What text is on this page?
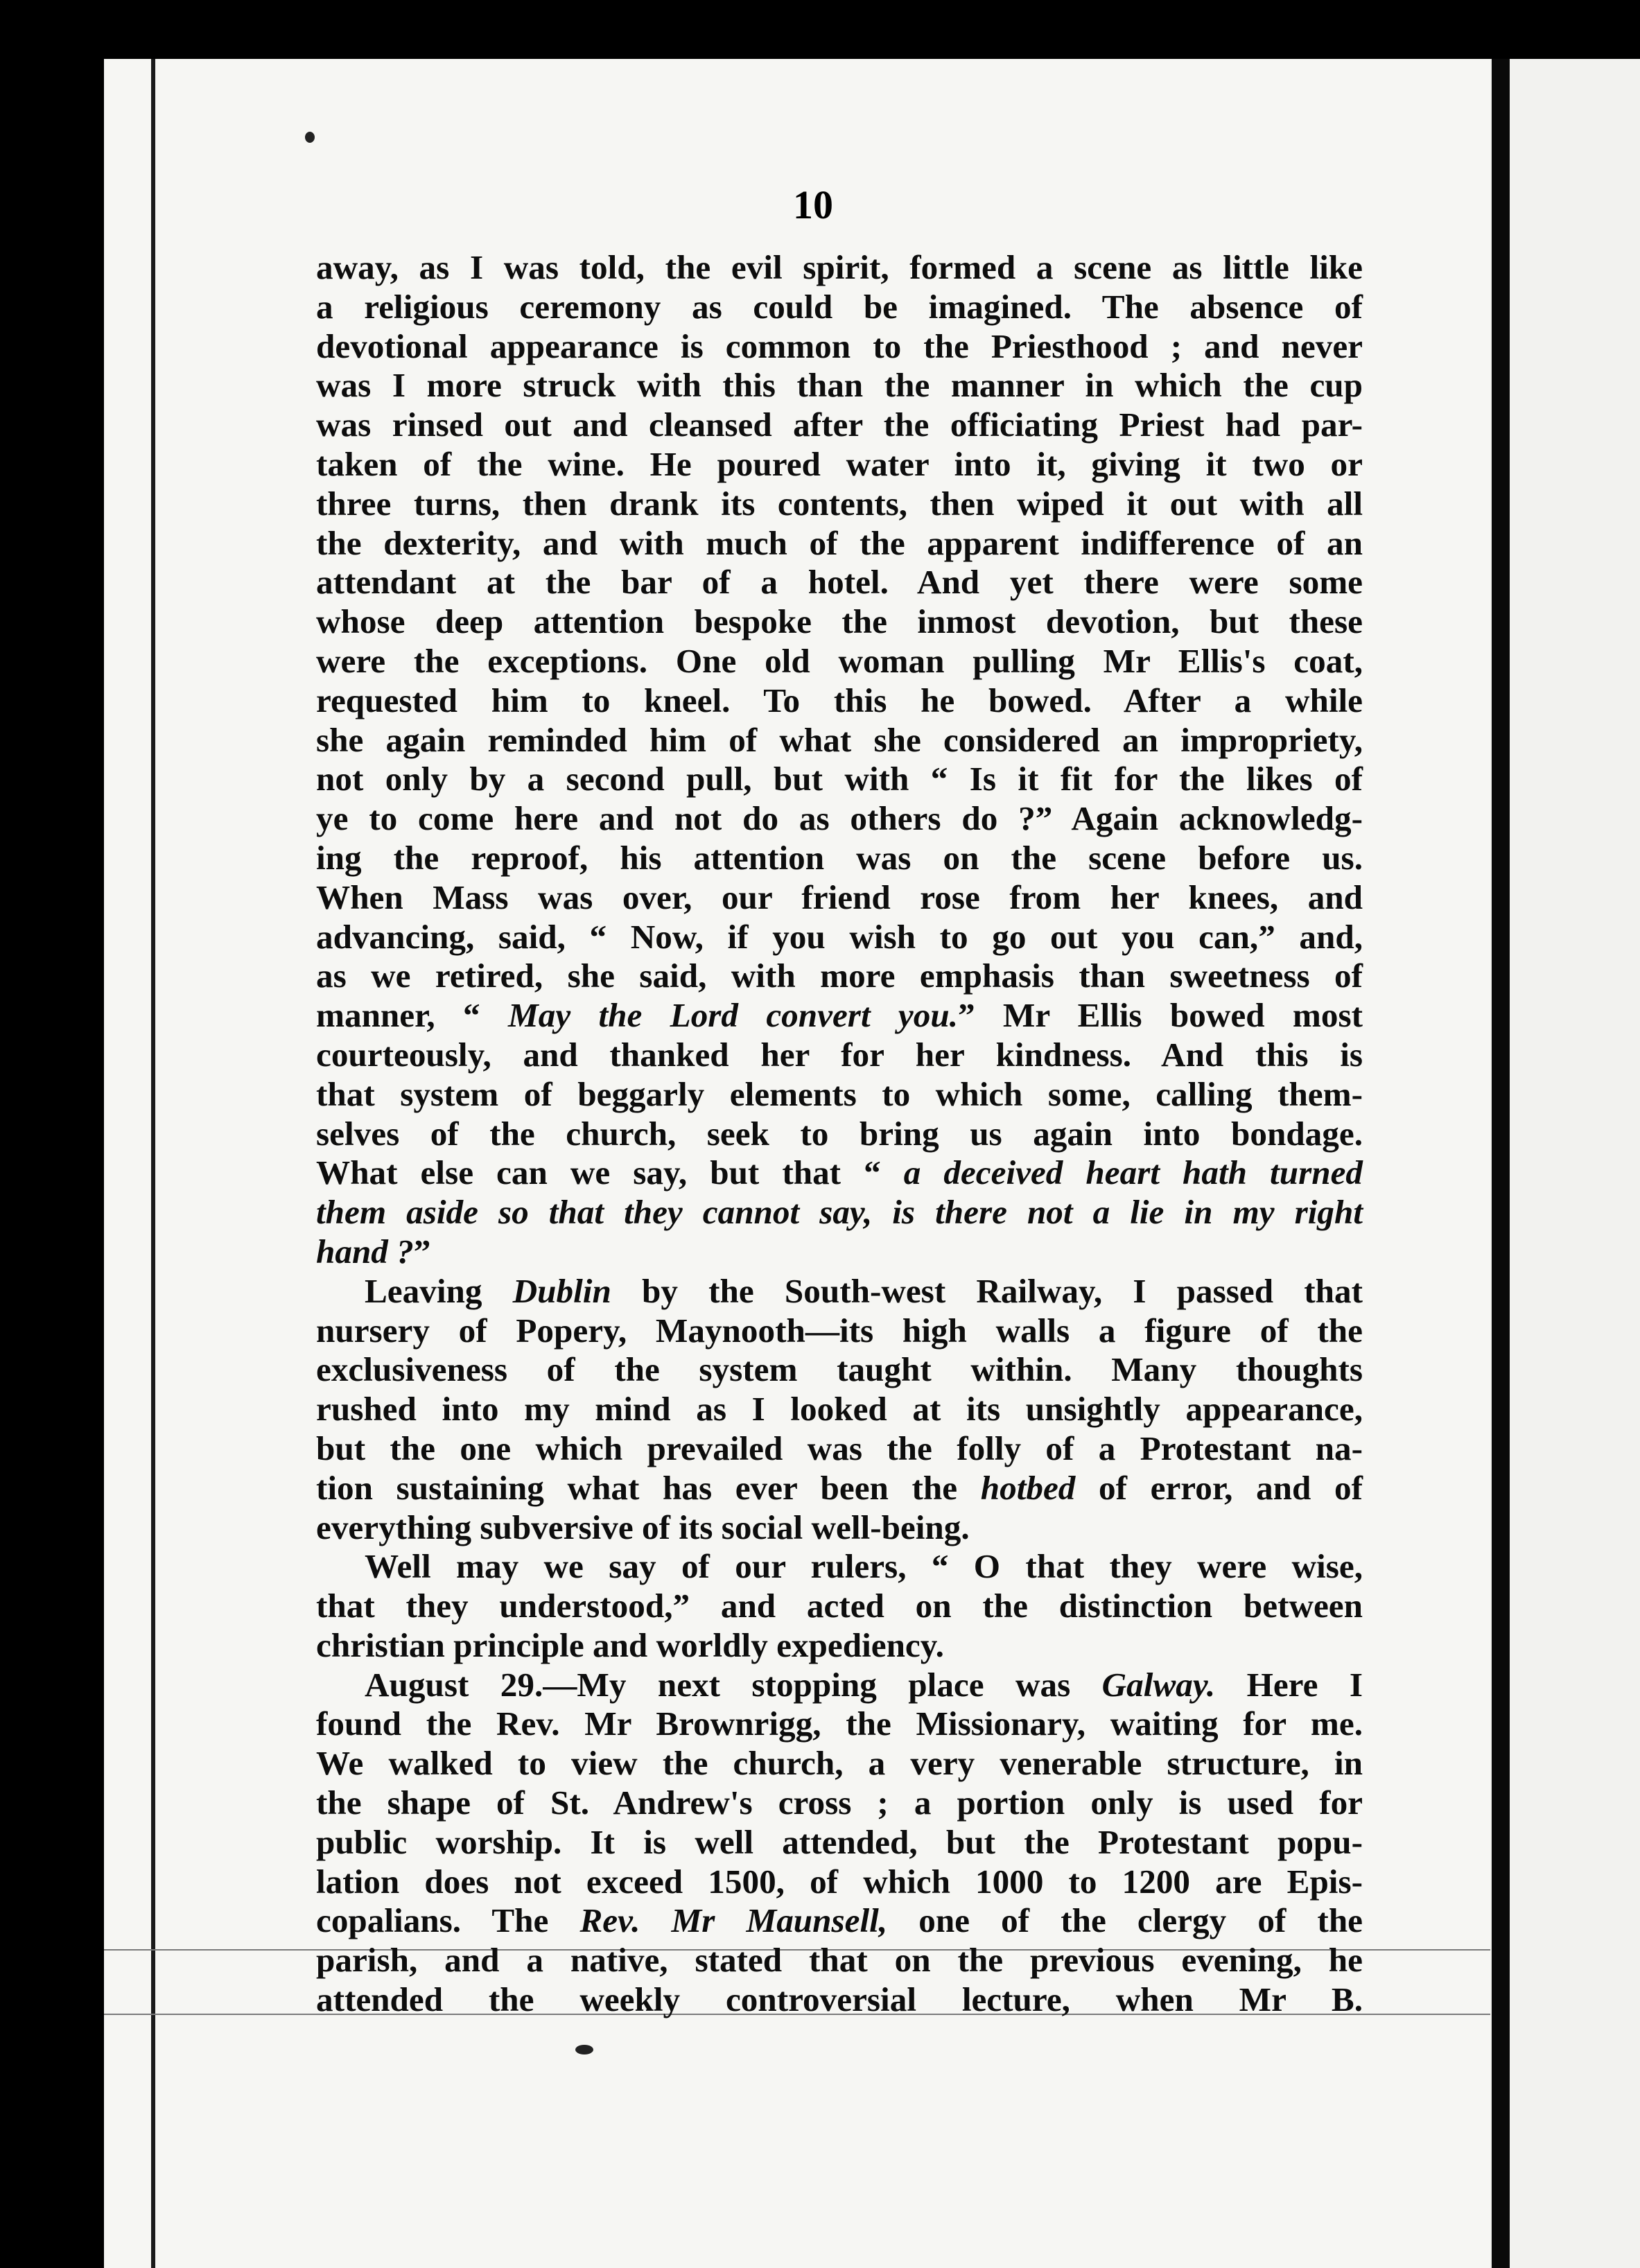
10
away, as I was told, the evil spirit, formed a scene as little like
a religious ceremony as could be imagined. The absence of
devotional appearance is common to the Priesthood ; and never
was I more struck with this than the manner in which the cup
was rinsed out and cleansed after the officiating Priest had par-
taken of the wine. He poured water into it, giving it two or
three turns, then drank its contents, then wiped it out with all
the dexterity, and with much of the apparent indifference of an
attendant at the bar of a hotel. And yet there were some
whose deep attention bespoke the inmost devotion, but these
were the exceptions. One old woman pulling Mr Ellis's coat,
requested him to kneel. To this he bowed. After a while
she again reminded him of what she considered an impropriety,
not only by a second pull, but with “ Is it fit for the likes of
ye to come here and not do as others do ?” Again acknowledg-
ing the reproof, his attention was on the scene before us.
When Mass was over, our friend rose from her knees, and
advancing, said, “ Now, if you wish to go out you can,” and,
as we retired, she said, with more emphasis than sweetness of
manner, “ May the Lord convert you.” Mr Ellis bowed most
courteously, and thanked her for her kindness. And this is
that system of beggarly elements to which some, calling them-
selves of the church, seek to bring us again into bondage.
What else can we say, but that “ a deceived heart hath turned
them aside so that they cannot say, is there not a lie in my right
hand ?”
Leaving Dublin by the South-west Railway, I passed that
nursery of Popery, Maynooth—its high walls a figure of the
exclusiveness of the system taught within. Many thoughts
rushed into my mind as I looked at its unsightly appearance,
but the one which prevailed was the folly of a Protestant na-
tion sustaining what has ever been the hotbed of error, and of
everything subversive of its social well-being.
Well may we say of our rulers, “ O that they were wise,
that they understood,” and acted on the distinction between
christian principle and worldly expediency.
August 29.—My next stopping place was Galway. Here I
found the Rev. Mr Brownrigg, the Missionary, waiting for me.
We walked to view the church, a very venerable structure, in
the shape of St. Andrew's cross ; a portion only is used for
public worship. It is well attended, but the Protestant popu-
lation does not exceed 1500, of which 1000 to 1200 are Epis-
copalians. The Rev. Mr Maunsell, one of the clergy of the
parish, and a native, stated that on the previous evening, he
attended the weekly controversial lecture, when Mr B.
